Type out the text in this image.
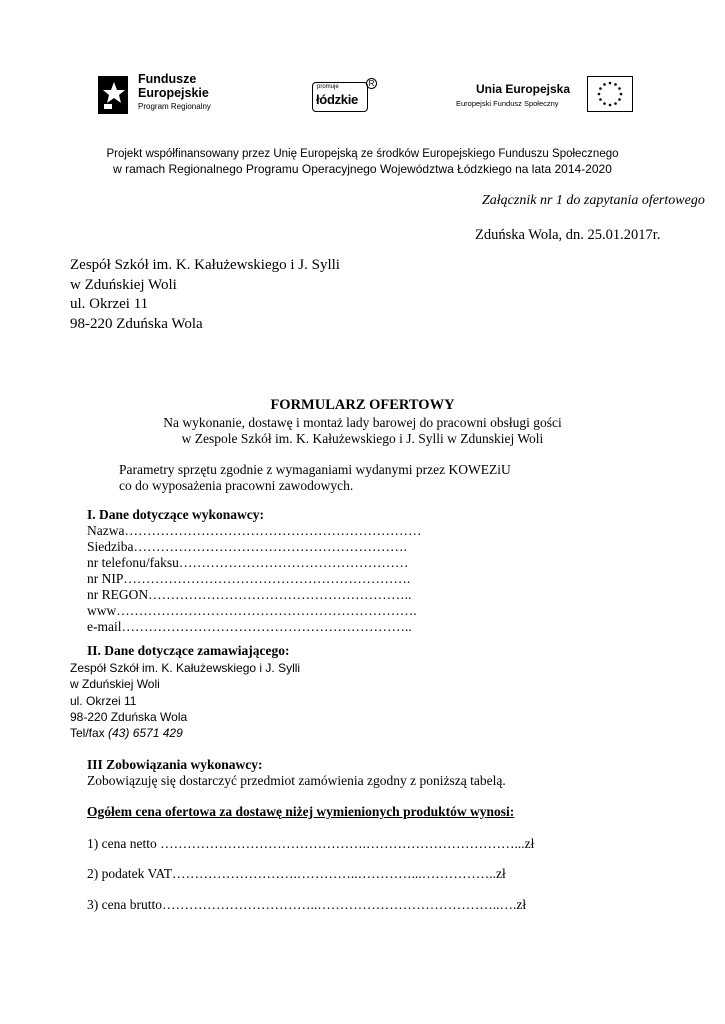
Fundusze
Europejskie
Program Regionalny
promuje
łódzkie
R	Unia Europejska
Europejski Fundusz Społeczny
Projekt współfinansowany przez Unię Europejską ze środków Europejskiego Funduszu Społecznego
w ramach Regionalnego Programu Operacyjnego Województwa Łódzkiego na lata 2014-2020
Załącznik nr 1 do zapytania ofertowego
Zduńska Wola, dn. 25.01.2017r.
Zespół Szkół im. K. Kałużewskiego i J. Sylli
w Zduńskiej Woli
ul. Okrzei 11
98-220 Zduńska Wola
FORMULARZ OFERTOWY
Na wykonanie, dostawę i montaż lady barowej do pracowni obsługi gości
w Zespole Szkół im. K. Kałużewskiego i J. Sylli w Zdunskiej Woli
Parametry sprzętu zgodnie z wymaganiami wydanymi przez KOWEZiU
co do wyposażenia pracowni zawodowych.
I. Dane dotyczące wykonawcy:
Nazwa…………………………………………………………
Siedziba…………………………………………………….
nr telefonu/faksu……………………………………………
nr NIP……………………………………………………….
nr REGON…………………………………………………..
www………………………………………………………….
e-mail………………………………………………………..
II. Dane dotyczące zamawiającego:
Zespół Szkół im. K. Kałużewskiego i J. Sylli
w Zduńskiej Woli
ul. Okrzei 11
98-220 Zduńska Wola
Tel/fax (43) 6571 429
III Zobowiązania wykonawcy:
Zobowiązuję się dostarczyć przedmiot zamówienia zgodny z poniższą tabelą.
Ogółem cena ofertowa za dostawę niżej wymienionych produktów wynosi:
1) cena netto ……………………………………….……………………………...zł
2) podatek VAT……………………….…………..…………...……………..zł
3) cena brutto……………………………..…………………………………..….zł
